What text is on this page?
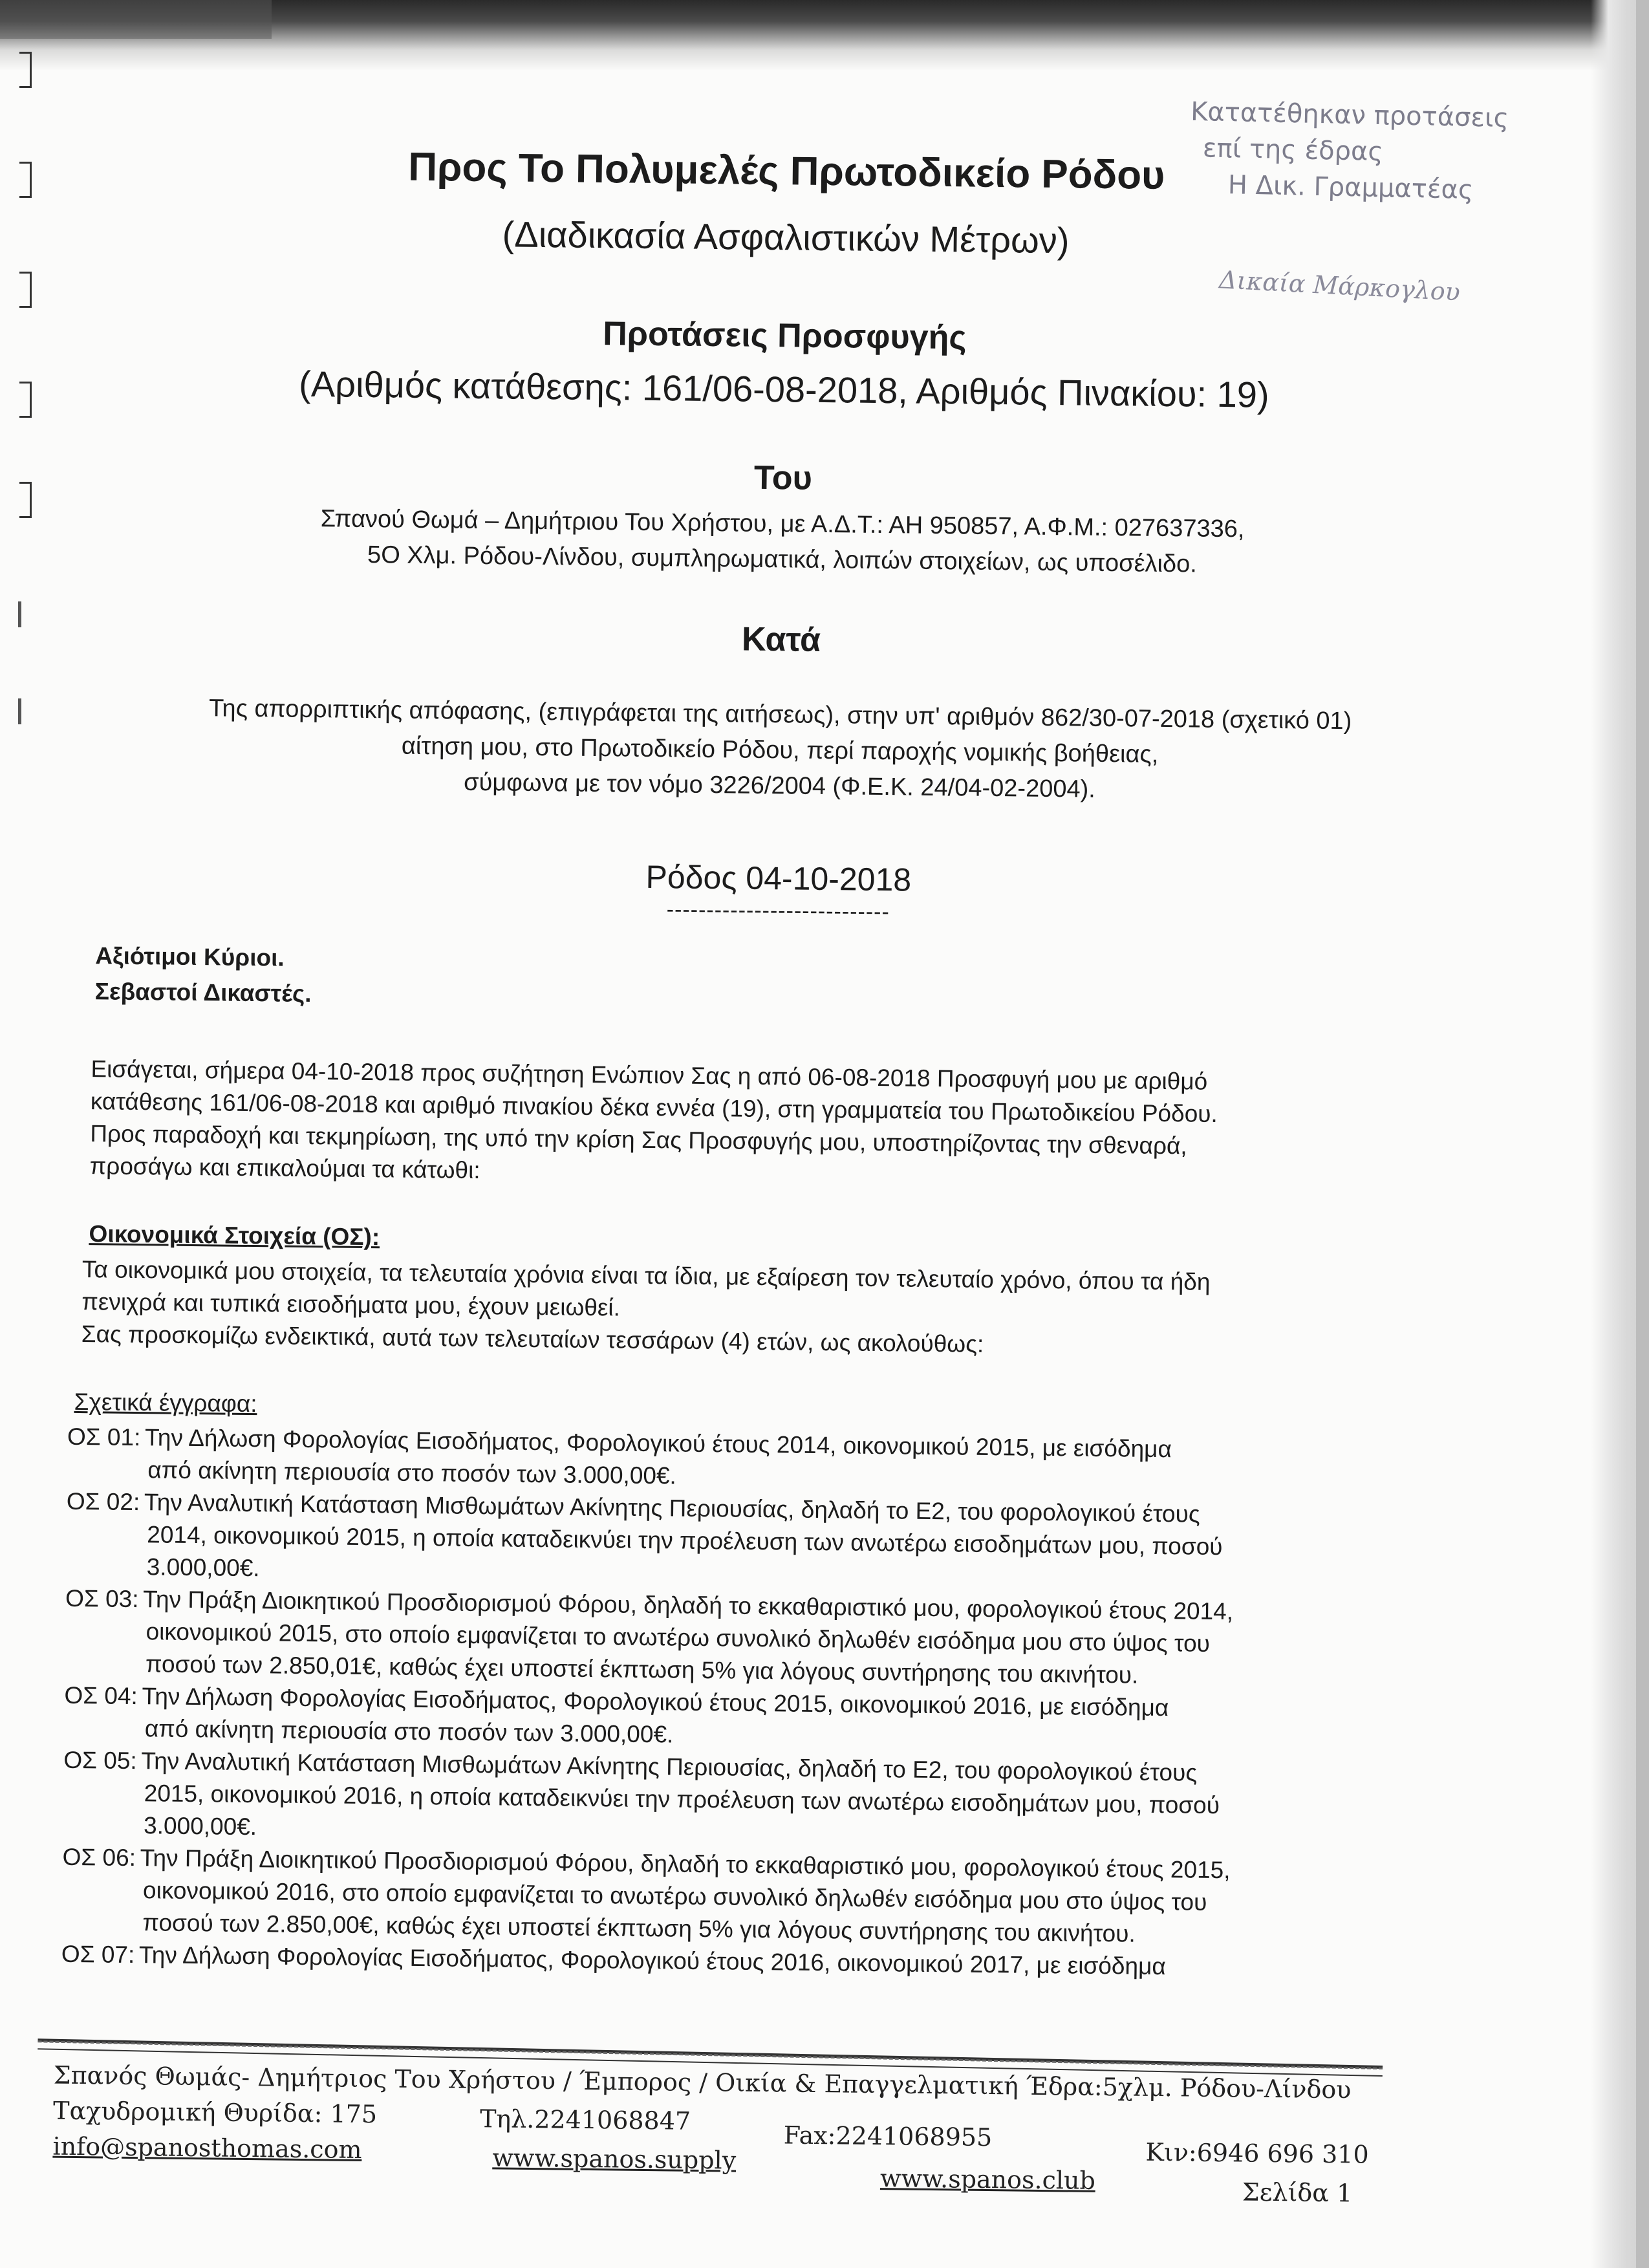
Κατατέθηκαν προτάσεις
επί της έδρας
Η Δικ. Γραμματέας
Δικαία Μάρκογλου
Προς Το Πολυμελές Πρωτοδικείο Ρόδου
(Διαδικασία Ασφαλιστικών Μέτρων)
Προτάσεις Προσφυγής
(Αριθμός κατάθεσης: 161/06-08-2018, Αριθμός Πινακίου: 19)
Του
Σπανού Θωμά – Δημήτριου Του Χρήστου, με Α.Δ.Τ.: ΑΗ 950857, Α.Φ.Μ.: 027637336,
5Ο Χλμ. Ρόδου-Λίνδου, συμπληρωματικά, λοιπών στοιχείων, ως υποσέλιδο.
Κατά
Της απορριπτικής απόφασης, (επιγράφεται της αιτήσεως), στην υπ' αριθμόν 862/30-07-2018 (σχετικό 01)
αίτηση μου, στο Πρωτοδικείο Ρόδου, περί παροχής νομικής βοήθειας,
σύμφωνα με τον νόμο 3226/2004 (Φ.Ε.Κ. 24/04-02-2004).
Ρόδος 04-10-2018
----------------------------
Αξιότιμοι Κύριοι.
Σεβαστοί Δικαστές.
Εισάγεται, σήμερα 04-10-2018 προς συζήτηση Ενώπιον Σας η από 06-08-2018 Προσφυγή μου με αριθμό
κατάθεσης 161/06-08-2018 και αριθμό πινακίου δέκα εννέα (19), στη γραμματεία του Πρωτοδικείου Ρόδου.
Προς παραδοχή και τεκμηρίωση, της υπό την κρίση Σας Προσφυγής μου, υποστηρίζοντας την σθεναρά,
προσάγω και επικαλούμαι τα κάτωθι:
Οικονομικά Στοιχεία (ΟΣ):
Τα οικονομικά μου στοιχεία, τα τελευταία χρόνια είναι τα ίδια, με εξαίρεση τον τελευταίο χρόνο, όπου τα ήδη
πενιχρά και τυπικά εισοδήματα μου, έχουν μειωθεί.
Σας προσκομίζω ενδεικτικά, αυτά των τελευταίων τεσσάρων (4) ετών, ως ακολούθως:
Σχετικά έγγραφα:
ΟΣ 01: Την Δήλωση Φορολογίας Εισοδήματος, Φορολογικού έτους 2014, οικονομικού 2015, με εισόδημα
από ακίνητη περιουσία στο ποσόν των 3.000,00€.
ΟΣ 02: Την Αναλυτική Κατάσταση Μισθωμάτων Ακίνητης Περιουσίας, δηλαδή το Ε2, του φορολογικού έτους
2014, οικονομικού 2015, η οποία καταδεικνύει την προέλευση των ανωτέρω εισοδημάτων μου, ποσού
3.000,00€.
ΟΣ 03: Την Πράξη Διοικητικού Προσδιορισμού Φόρου, δηλαδή το εκκαθαριστικό μου, φορολογικού έτους 2014,
οικονομικού 2015, στο οποίο εμφανίζεται το ανωτέρω συνολικό δηλωθέν εισόδημα μου στο ύψος του
ποσού των 2.850,01€, καθώς έχει υποστεί έκπτωση 5% για λόγους συντήρησης του ακινήτου.
ΟΣ 04: Την Δήλωση Φορολογίας Εισοδήματος, Φορολογικού έτους 2015, οικονομικού 2016, με εισόδημα
από ακίνητη περιουσία στο ποσόν των 3.000,00€.
ΟΣ 05: Την Αναλυτική Κατάσταση Μισθωμάτων Ακίνητης Περιουσίας, δηλαδή το Ε2, του φορολογικού έτους
2015, οικονομικού 2016, η οποία καταδεικνύει την προέλευση των ανωτέρω εισοδημάτων μου, ποσού
3.000,00€.
ΟΣ 06: Την Πράξη Διοικητικού Προσδιορισμού Φόρου, δηλαδή το εκκαθαριστικό μου, φορολογικού έτους 2015,
οικονομικού 2016, στο οποίο εμφανίζεται το ανωτέρω συνολικό δηλωθέν εισόδημα μου στο ύψος του
ποσού των 2.850,00€, καθώς έχει υποστεί έκπτωση 5% για λόγους συντήρησης του ακινήτου.
ΟΣ 07: Την Δήλωση Φορολογίας Εισοδήματος, Φορολογικού έτους 2016, οικονομικού 2017, με εισόδημα
Σπανός Θωμάς- Δημήτριος Του Χρήστου / Έμπορος / Οικία & Επαγγελματική Έδρα:5χλμ. Ρόδου-Λίνδου
Ταχυδρομική Θυρίδα: 175	Τηλ.2241068847
Fax:2241068955
Κιν:6946 696 310
info@spanosthomas.com	www.spanos.supply
www.spanos.club	Σελίδα 1
